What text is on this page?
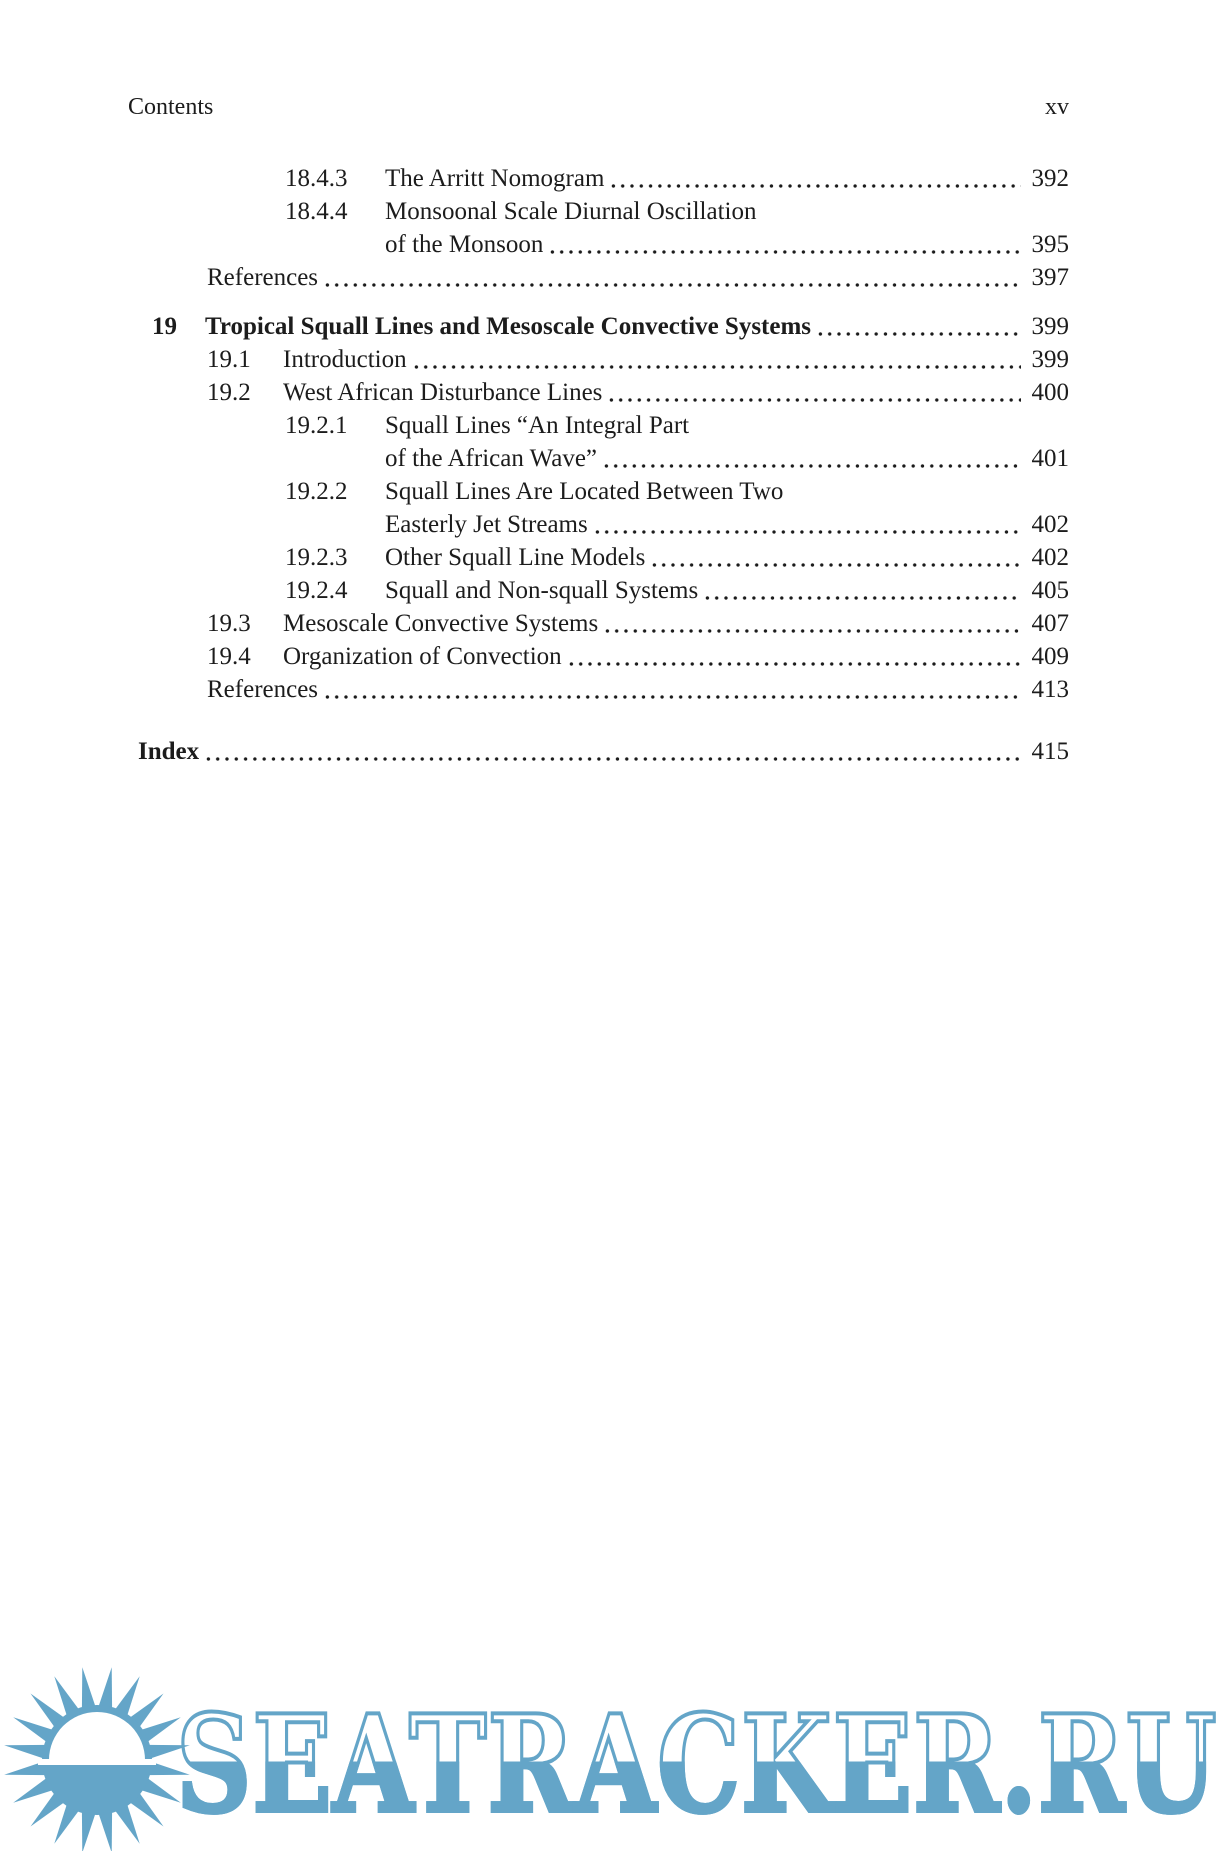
Contents	xv
18.4.3	The Arritt Nomogram	392
18.4.4	Monsoonal Scale Diurnal Oscillation
of the Monsoon	395
References	397
19	Tropical Squall Lines and Mesoscale Convective Systems	399
19.1	Introduction	399
19.2	West African Disturbance Lines	400
19.2.1	Squall Lines “An Integral Part
of the African Wave”	401
19.2.2	Squall Lines Are Located Between Two
Easterly Jet Streams	402
19.2.3	Other Squall Line Models	402
19.2.4	Squall and Non-squall Systems	405
19.3	Mesoscale Convective Systems	407
19.4	Organization of Convection	409
References	413
Index	415
SEATRACKER.RU
